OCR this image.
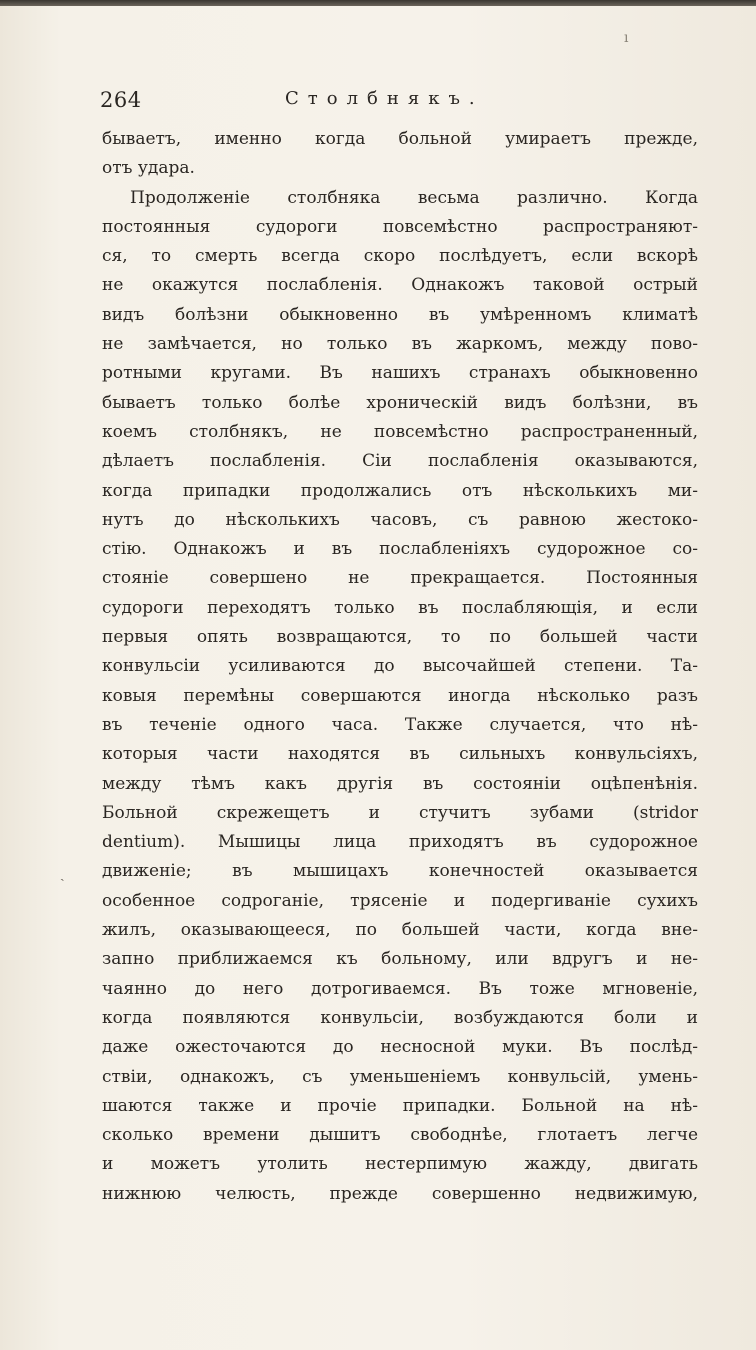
ı
264	Столбнякъ.
ˎ
бываетъ, именно когда больной умираетъ прежде,
отъ удара.
Продолженіе столбняка весьма различно. Когда
постоянныя судороги повсемѣстно распространяют-
ся, то смерть всегда скоро послѣдуетъ, если вскорѣ
не окажутся послабленія. Однакожъ таковой острый
видъ болѣзни обыкновенно въ умѣренномъ климатѣ
не замѣчается, но только въ жаркомъ, между пово-
ротными кругами. Въ нашихъ странахъ обыкновенно
бываетъ только болѣе хроническій видъ болѣзни, въ
коемъ столбнякъ, не повсемѣстно распространенный,
дѣлаетъ послабленія. Сіи послабленія оказываются,
когда припадки продолжались отъ нѣсколькихъ ми-
нутъ до нѣсколькихъ часовъ, съ равною жестоко-
стію. Однакожъ и въ послабленіяхъ судорожное со-
стояніе совершено не прекращается. Постоянныя
судороги переходятъ только въ послабляющія, и если
первыя опять возвращаются, то по большей части
конвульсіи усиливаются до высочайшей степени. Та-
ковыя перемѣны совершаются иногда нѣсколько разъ
въ теченіе одного часа. Также случается, что нѣ-
которыя части находятся въ сильныхъ конвульсіяхъ,
между тѣмъ какъ другія въ состояніи оцѣпенѣнія.
Больной скрежещетъ и стучитъ зубами (stridor
dentium). Мышицы лица приходятъ въ судорожное
движеніе; въ мышицахъ конечностей оказывается
особенное содроганіе, трясеніе и подергиваніе сухихъ
жилъ, оказывающееся, по большей части, когда вне-
запно приближаемся къ больному, или вдругъ и не-
чаянно до него дотрогиваемся. Въ тоже мгновеніе,
когда появляются конвульсіи, возбуждаются боли и
даже ожесточаются до несносной муки. Въ послѣд-
ствіи, однакожъ, съ уменьшеніемъ конвульсій, умень-
шаются также и прочіе припадки. Больной на нѣ-
сколько времени дышитъ свободнѣе, глотаетъ легче
и можетъ утолить нестерпимую жажду, двигать
нижнюю челюсть, прежде совершенно недвижимую,
